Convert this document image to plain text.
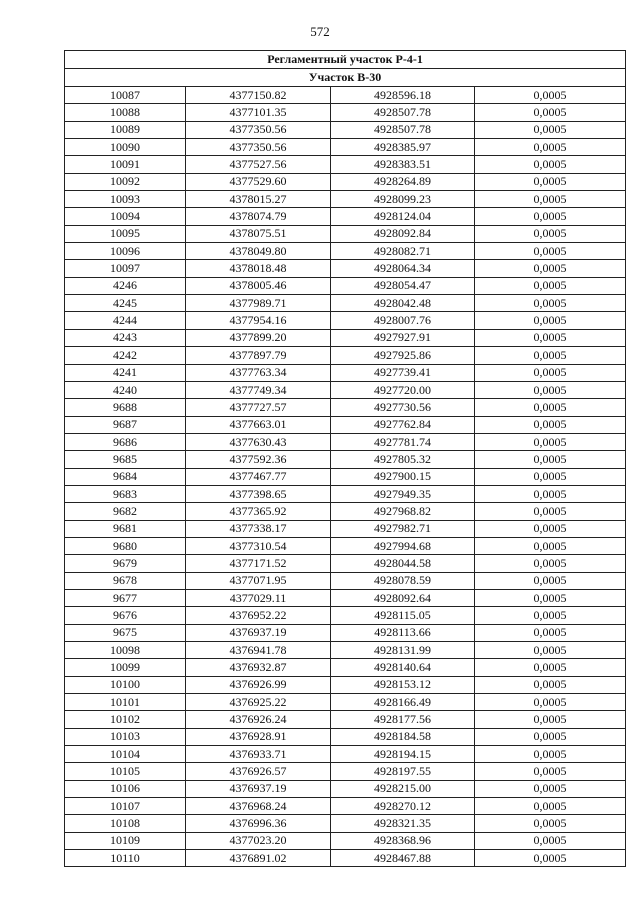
572
Регламентный участок Р-4-1			
Участок В-30			
10087	4377150.82	4928596.18	0,0005
10088	4377101.35	4928507.78	0,0005
10089	4377350.56	4928507.78	0,0005
10090	4377350.56	4928385.97	0,0005
10091	4377527.56	4928383.51	0,0005
10092	4377529.60	4928264.89	0,0005
10093	4378015.27	4928099.23	0,0005
10094	4378074.79	4928124.04	0,0005
10095	4378075.51	4928092.84	0,0005
10096	4378049.80	4928082.71	0,0005
10097	4378018.48	4928064.34	0,0005
4246	4378005.46	4928054.47	0,0005
4245	4377989.71	4928042.48	0,0005
4244	4377954.16	4928007.76	0,0005
4243	4377899.20	4927927.91	0,0005
4242	4377897.79	4927925.86	0,0005
4241	4377763.34	4927739.41	0,0005
4240	4377749.34	4927720.00	0,0005
9688	4377727.57	4927730.56	0,0005
9687	4377663.01	4927762.84	0,0005
9686	4377630.43	4927781.74	0,0005
9685	4377592.36	4927805.32	0,0005
9684	4377467.77	4927900.15	0,0005
9683	4377398.65	4927949.35	0,0005
9682	4377365.92	4927968.82	0,0005
9681	4377338.17	4927982.71	0,0005
9680	4377310.54	4927994.68	0,0005
9679	4377171.52	4928044.58	0,0005
9678	4377071.95	4928078.59	0,0005
9677	4377029.11	4928092.64	0,0005
9676	4376952.22	4928115.05	0,0005
9675	4376937.19	4928113.66	0,0005
10098	4376941.78	4928131.99	0,0005
10099	4376932.87	4928140.64	0,0005
10100	4376926.99	4928153.12	0,0005
10101	4376925.22	4928166.49	0,0005
10102	4376926.24	4928177.56	0,0005
10103	4376928.91	4928184.58	0,0005
10104	4376933.71	4928194.15	0,0005
10105	4376926.57	4928197.55	0,0005
10106	4376937.19	4928215.00	0,0005
10107	4376968.24	4928270.12	0,0005
10108	4376996.36	4928321.35	0,0005
10109	4377023.20	4928368.96	0,0005
10110	4376891.02	4928467.88	0,0005
